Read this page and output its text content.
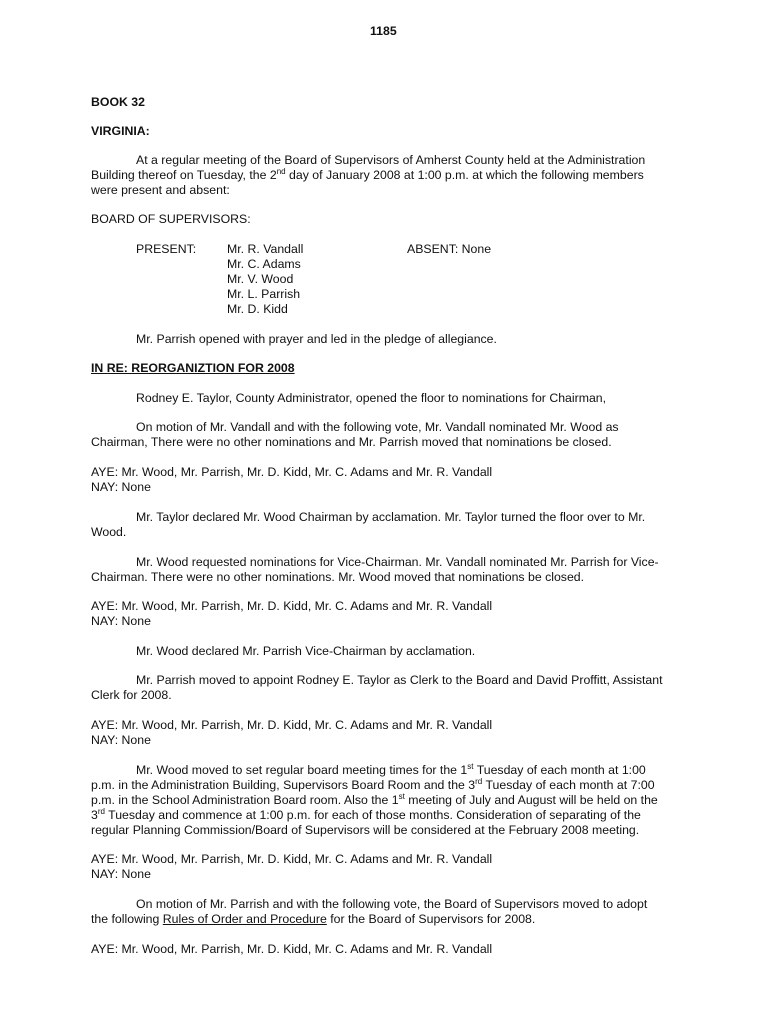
1185
BOOK 32
VIRGINIA:
At a regular meeting of the Board of Supervisors of Amherst County held at the Administration
Building thereof on Tuesday, the 2nd day of January 2008 at 1:00 p.m. at which the following members
were present and absent:
BOARD OF SUPERVISORS:
PRESENT:	Mr. R. Vandall
Mr. C. Adams
Mr. V. Wood
Mr. L. Parrish
Mr. D. Kidd
ABSENT: None
Mr. Parrish opened with prayer and led in the pledge of allegiance.
IN RE: REORGANIZTION FOR 2008
Rodney E. Taylor, County Administrator, opened the floor to nominations for Chairman,
On motion of Mr. Vandall and with the following vote, Mr. Vandall nominated Mr. Wood as
Chairman, There were no other nominations and Mr. Parrish moved that nominations be closed.
AYE: Mr. Wood, Mr. Parrish, Mr. D. Kidd, Mr. C. Adams and Mr. R. Vandall
NAY: None
Mr. Taylor declared Mr. Wood Chairman by acclamation. Mr. Taylor turned the floor over to Mr.
Wood.
Mr. Wood requested nominations for Vice-Chairman. Mr. Vandall nominated Mr. Parrish for Vice-
Chairman. There were no other nominations. Mr. Wood moved that nominations be closed.
AYE: Mr. Wood, Mr. Parrish, Mr. D. Kidd, Mr. C. Adams and Mr. R. Vandall
NAY: None
Mr. Wood declared Mr. Parrish Vice-Chairman by acclamation.
Mr. Parrish moved to appoint Rodney E. Taylor as Clerk to the Board and David Proffitt, Assistant
Clerk for 2008.
AYE: Mr. Wood, Mr. Parrish, Mr. D. Kidd, Mr. C. Adams and Mr. R. Vandall
NAY: None
Mr. Wood moved to set regular board meeting times for the 1st Tuesday of each month at 1:00
p.m. in the Administration Building, Supervisors Board Room and the 3rd Tuesday of each month at 7:00
p.m. in the School Administration Board room. Also the 1st meeting of July and August will be held on the
3rd Tuesday and commence at 1:00 p.m. for each of those months. Consideration of separating of the
regular Planning Commission/Board of Supervisors will be considered at the February 2008 meeting.
AYE: Mr. Wood, Mr. Parrish, Mr. D. Kidd, Mr. C. Adams and Mr. R. Vandall
NAY: None
On motion of Mr. Parrish and with the following vote, the Board of Supervisors moved to adopt
the following Rules of Order and Procedure for the Board of Supervisors for 2008.
AYE: Mr. Wood, Mr. Parrish, Mr. D. Kidd, Mr. C. Adams and Mr. R. Vandall
